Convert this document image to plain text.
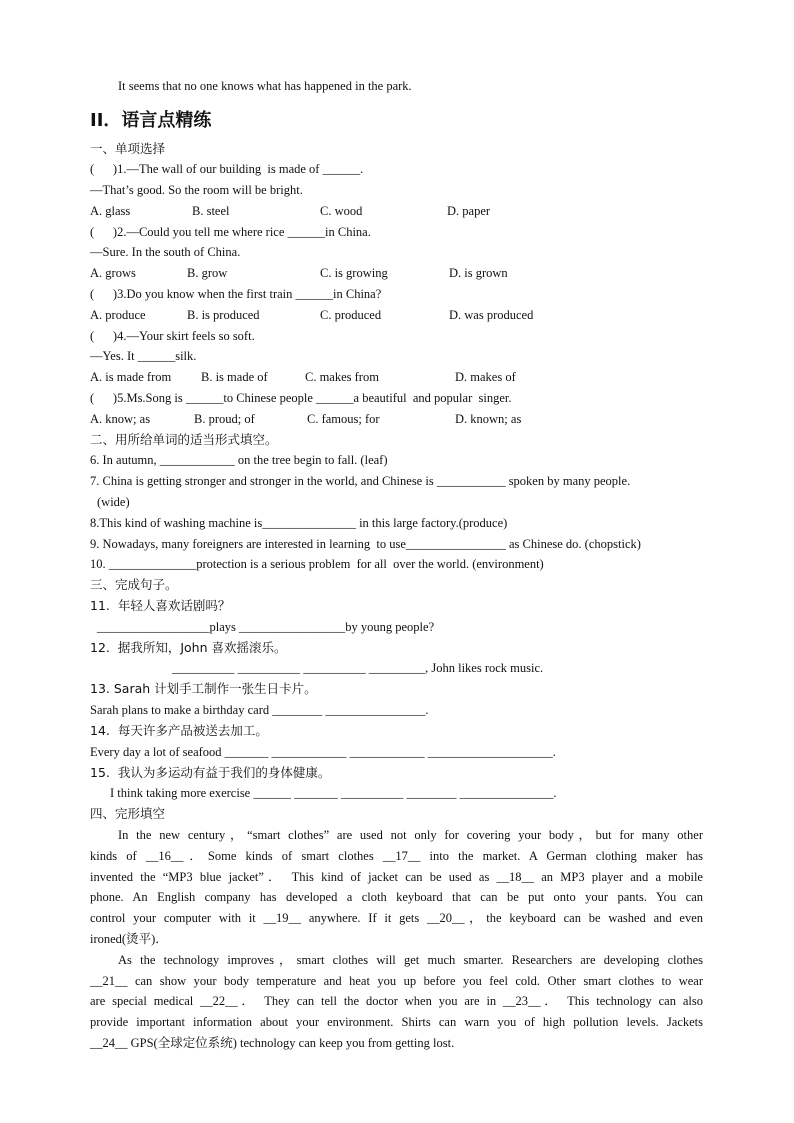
It seems that no one knows what has happened in the park.
II．语言点精练
一、单项选择
(      )1.—The wall of our building  is made of ______.
—That’s good. So the room will be bright.
A. glass	B. steel	C. wood	D. paper
(      )2.—Could you tell me where rice ______in China.
—Sure. In the south of China.
A. grows	B. grow	C. is growing	D. is grown
(      )3.Do you know when the first train ______in China?
A. produce	B. is produced	C. produced	D. was produced
(      )4.—Your skirt feels so soft.
—Yes. It ______silk.
A. is made from B. is made of	C. makes from	D. makes of
(      )5.Ms.Song is ______to Chinese people ______a beautiful  and popular  singer.
A. know; as	B. proud; of	C. famous; for	D. known; as
二、用所给单词的适当形式填空。
6. In autumn, ____________ on the tree begin to fall. (leaf)
7. China is getting stronger and stronger in the world, and Chinese is ___________ spoken by many people.
(wide)
8.This kind of washing machine is_______________ in this large factory.(produce)
9. Nowadays, many foreigners are interested in learning  to use________________ as Chinese do. (chopstick)
10. ______________protection is a serious problem  for all  over the world. (environment)
三、完成句子。
11.  年轻人喜欢话剧吗？
__________________plays _________________by young people?
12.  据我所知，John 喜欢摇滚乐。
__________ __________ __________ _________, John likes rock music.
13. Sarah 计划手工制作一张生日卡片。
Sarah plans to make a birthday card ________ ________________.
14.  每天许多产品被送去加工。
Every day a lot of seafood _______ ____________ ____________ ____________________.
15.  我认为多运动有益于我们的身体健康。
I think taking more exercise ______ _______ __________ ________ _______________.
四、完形填空
In the new century，“smart clothes” are used not only for covering your body，but for many other
kinds of __16__．Some kinds of smart clothes __17__ into the market. A German clothing maker has
invented the “MP3 blue jacket”． This kind of jacket can be used as __18__ an MP3 player and a mobile
phone. An English company has developed a cloth keyboard that can be put onto your pants. You can
control your computer with it __19__ anywhere. If it gets __20__，the keyboard can be washed and even
ironed(烫平)．
As the technology improves，smart clothes will get much smarter. Researchers are developing clothes
__21__ can show your body temperature and heat you up before you feel cold. Other smart clothes to wear
are special medical __22__． They can tell the doctor when you are in __23__． This technology can also
provide important information about your environment. Shirts can warn you of high pollution levels. Jackets
__24__ GPS(全球定位系统) technology can keep you from getting lost.
